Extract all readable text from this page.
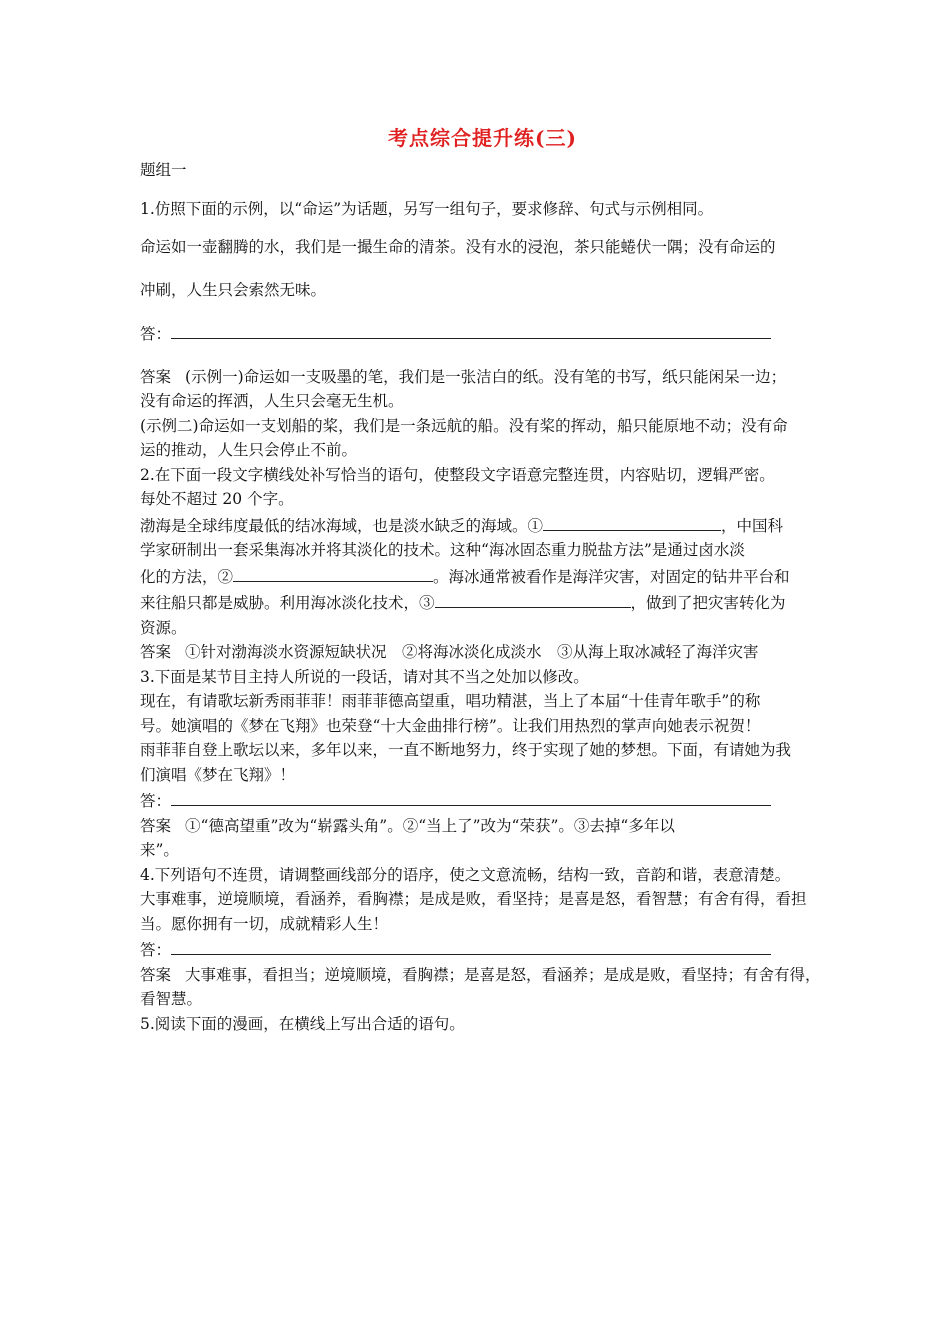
考点综合提升练(三)

题组一

1.仿照下面的示例，以“命运”为话题，另写一组句子，要求修辞、句式与示例相同。

命运如一壶翻腾的水，我们是一撮生命的清茶。没有水的浸泡，茶只能蜷伏一隅；没有命运的

冲刷，人生只会索然无味。

答：

答案 (示例一)命运如一支吸墨的笔，我们是一张洁白的纸。没有笔的书写，纸只能闲呆一边；

没有命运的挥洒，人生只会毫无生机。

(示例二)命运如一支划船的桨，我们是一条远航的船。没有桨的挥动，船只能原地不动；没有命

运的推动，人生只会停止不前。

2.在下面一段文字横线处补写恰当的语句，使整段文字语意完整连贯，内容贴切，逻辑严密。

每处不超过 20 个字。

渤海是全球纬度最低的结冰海域，也是淡水缺乏的海域。①	，中国科

学家研制出一套采集海冰并将其淡化的技术。这种“海冰固态重力脱盐方法”是通过卤水淡

化的方法，②	。海冰通常被看作是海洋灾害，对固定的钻井平台和

来往船只都是威胁。利用海冰淡化技术，③	，做到了把灾害转化为

资源。

答案 ①针对渤海淡水资源短缺状况　②将海冰淡化成淡水　③从海上取冰减轻了海洋灾害

3.下面是某节目主持人所说的一段话，请对其不当之处加以修改。

现在，有请歌坛新秀雨菲菲！雨菲菲德高望重，唱功精湛，当上了本届“十佳青年歌手”的称

号。她演唱的《梦在飞翔》也荣登“十大金曲排行榜”。让我们用热烈的掌声向她表示祝贺！

雨菲菲自登上歌坛以来，多年以来，一直不断地努力，终于实现了她的梦想。下面，有请她为我

们演唱《梦在飞翔》！

答：

答案 ①“德高望重”改为“崭露头角”。②“当上了”改为“荣获”。③去掉“多年以

来”。

4.下列语句不连贯，请调整画线部分的语序，使之文意流畅，结构一致，音韵和谐，表意清楚。

大事难事，逆境顺境，看涵养，看胸襟；是成是败，看坚持；是喜是怒，看智慧；有舍有得，看担

当。愿你拥有一切，成就精彩人生！

答：

答案 大事难事，看担当；逆境顺境，看胸襟；是喜是怒，看涵养；是成是败，看坚持；有舍有得，

看智慧。

5.阅读下面的漫画，在横线上写出合适的语句。
